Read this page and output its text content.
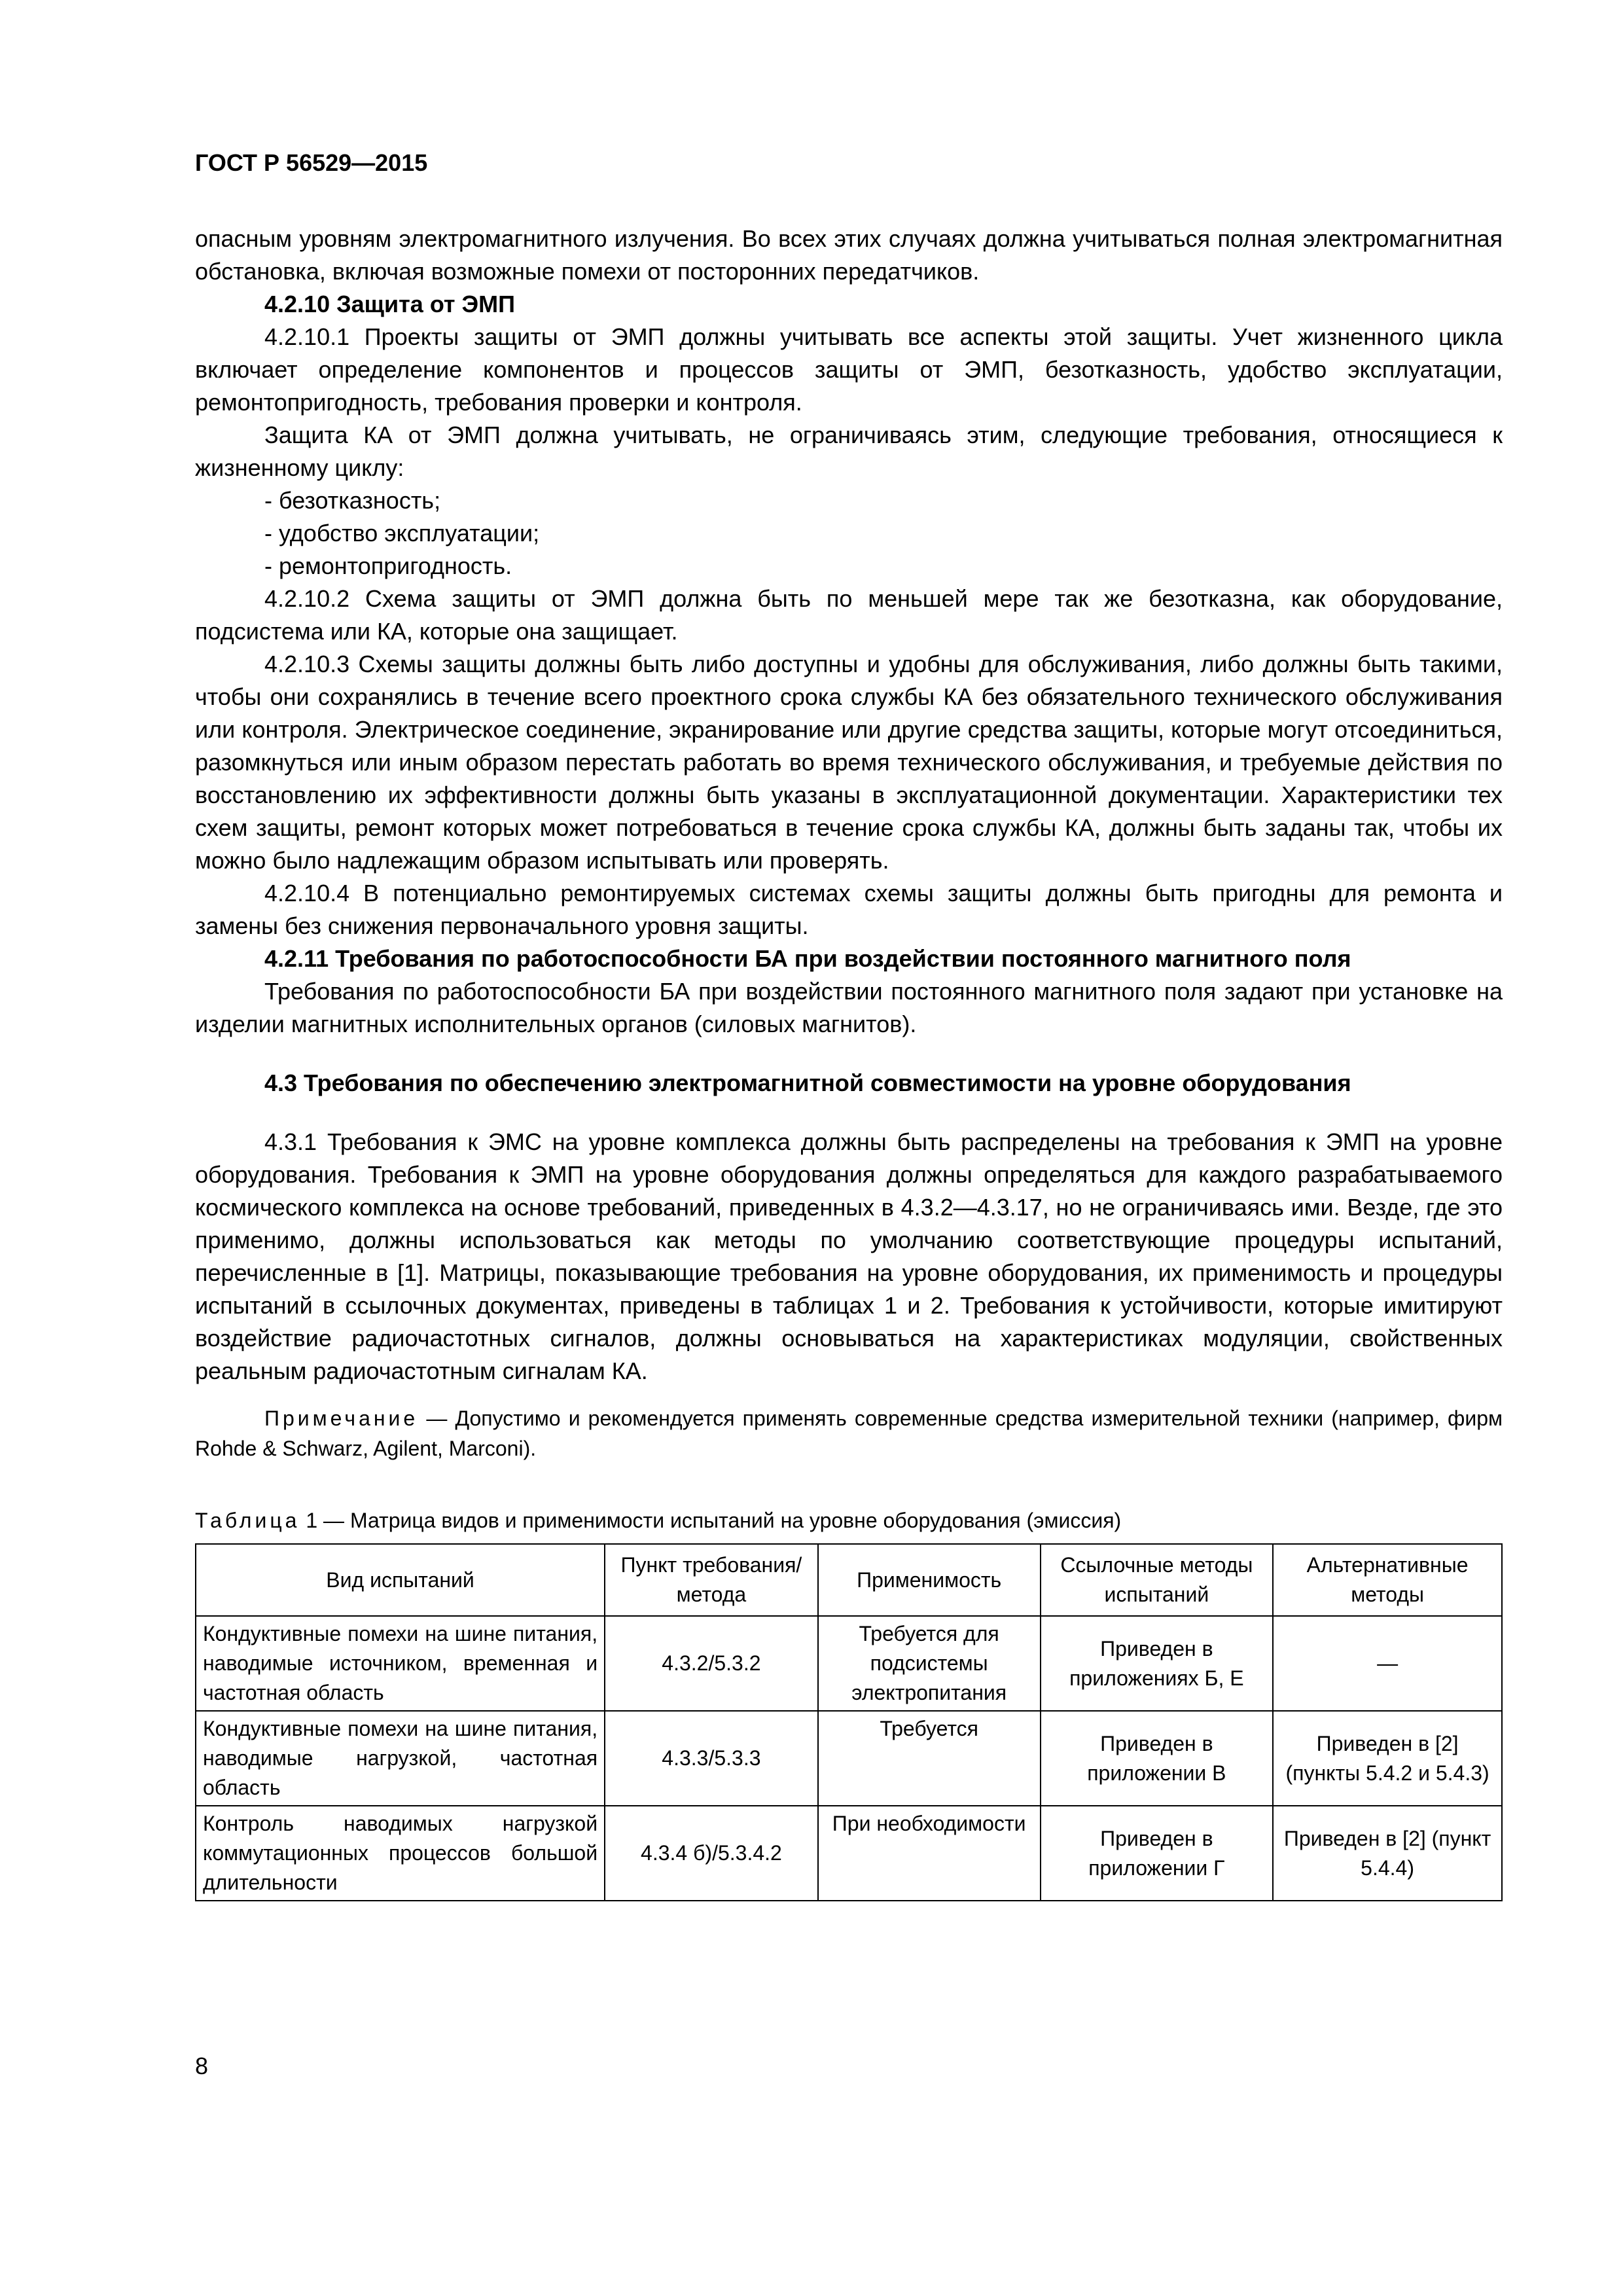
ГОСТ Р 56529—2015

опасным уровням электромагнитного излучения. Во всех этих случаях должна учитываться полная электромагнитная обстановка, включая возможные помехи от посторонних передатчиков.

4.2.10 Защита от ЭМП

4.2.10.1 Проекты защиты от ЭМП должны учитывать все аспекты этой защиты. Учет жизненного цикла включает определение компонентов и процессов защиты от ЭМП, безотказность, удобство эксплуатации, ремонтопригодность, требования проверки и контроля.

Защита КА от ЭМП должна учитывать, не ограничиваясь этим, следующие требования, относящиеся к жизненному циклу:

- безотказность;

- удобство эксплуатации;

- ремонтопригодность.

4.2.10.2 Схема защиты от ЭМП должна быть по меньшей мере так же безотказна, как оборудование, подсистема или КА, которые она защищает.

4.2.10.3 Схемы защиты должны быть либо доступны и удобны для обслуживания, либо должны быть такими, чтобы они сохранялись в течение всего проектного срока службы КА без обязательного технического обслуживания или контроля. Электрическое соединение, экранирование или другие средства защиты, которые могут отсоединиться, разомкнуться или иным образом перестать работать во время технического обслуживания, и требуемые действия по восстановлению их эффективности должны быть указаны в эксплуатационной документации. Характеристики тех схем защиты, ремонт которых может потребоваться в течение срока службы КА, должны быть заданы так, чтобы их можно было надлежащим образом испытывать или проверять.

4.2.10.4 В потенциально ремонтируемых системах схемы защиты должны быть пригодны для ремонта и замены без снижения первоначального уровня защиты.

4.2.11 Требования по работоспособности БА при воздействии постоянного магнитного поля

Требования по работоспособности БА при воздействии постоянного магнитного поля задают при установке на изделии магнитных исполнительных органов (силовых магнитов).

4.3 Требования по обеспечению электромагнитной совместимости на уровне оборудования

4.3.1 Требования к ЭМС на уровне комплекса должны быть распределены на требования к ЭМП на уровне оборудования. Требования к ЭМП на уровне оборудования должны определяться для каждого разрабатываемого космического комплекса на основе требований, приведенных в 4.3.2—4.3.17, но не ограничиваясь ими. Везде, где это применимо, должны использоваться как методы по умолчанию соответствующие процедуры испытаний, перечисленные в [1]. Матрицы, показывающие требования на уровне оборудования, их применимость и процедуры испытаний в ссылочных документах, приведены в таблицах 1 и 2. Требования к устойчивости, которые имитируют воздействие радиочастотных сигналов, должны основываться на характеристиках модуляции, свойственных реальным радиочастотным сигналам КА.

Примечание — Допустимо и рекомендуется применять современные средства измерительной техники (например, фирм Rohde & Schwarz, Agilent, Marconi).

Таблица 1 — Матрица видов и применимости испытаний на уровне оборудования (эмиссия)

Вид испытаний	Пункт требования/ метода	Применимость	Ссылочные методы испытаний	Альтернативные методы
Кондуктивные помехи на шине питания, наводимые источником, временная и частотная область	4.3.2/5.3.2	Требуется для подсистемы электропитания	Приведен в приложениях Б, Е	—
Кондуктивные помехи на шине питания, наводимые нагрузкой, частотная область	4.3.3/5.3.3	Требуется	Приведен в приложении В	Приведен в [2] (пункты 5.4.2 и 5.4.3)
Контроль наводимых нагрузкой коммутационных процессов большой длительности	4.3.4 б)/5.3.4.2	При необходимости	Приведен в приложении Г	Приведен в [2] (пункт 5.4.4)
8
